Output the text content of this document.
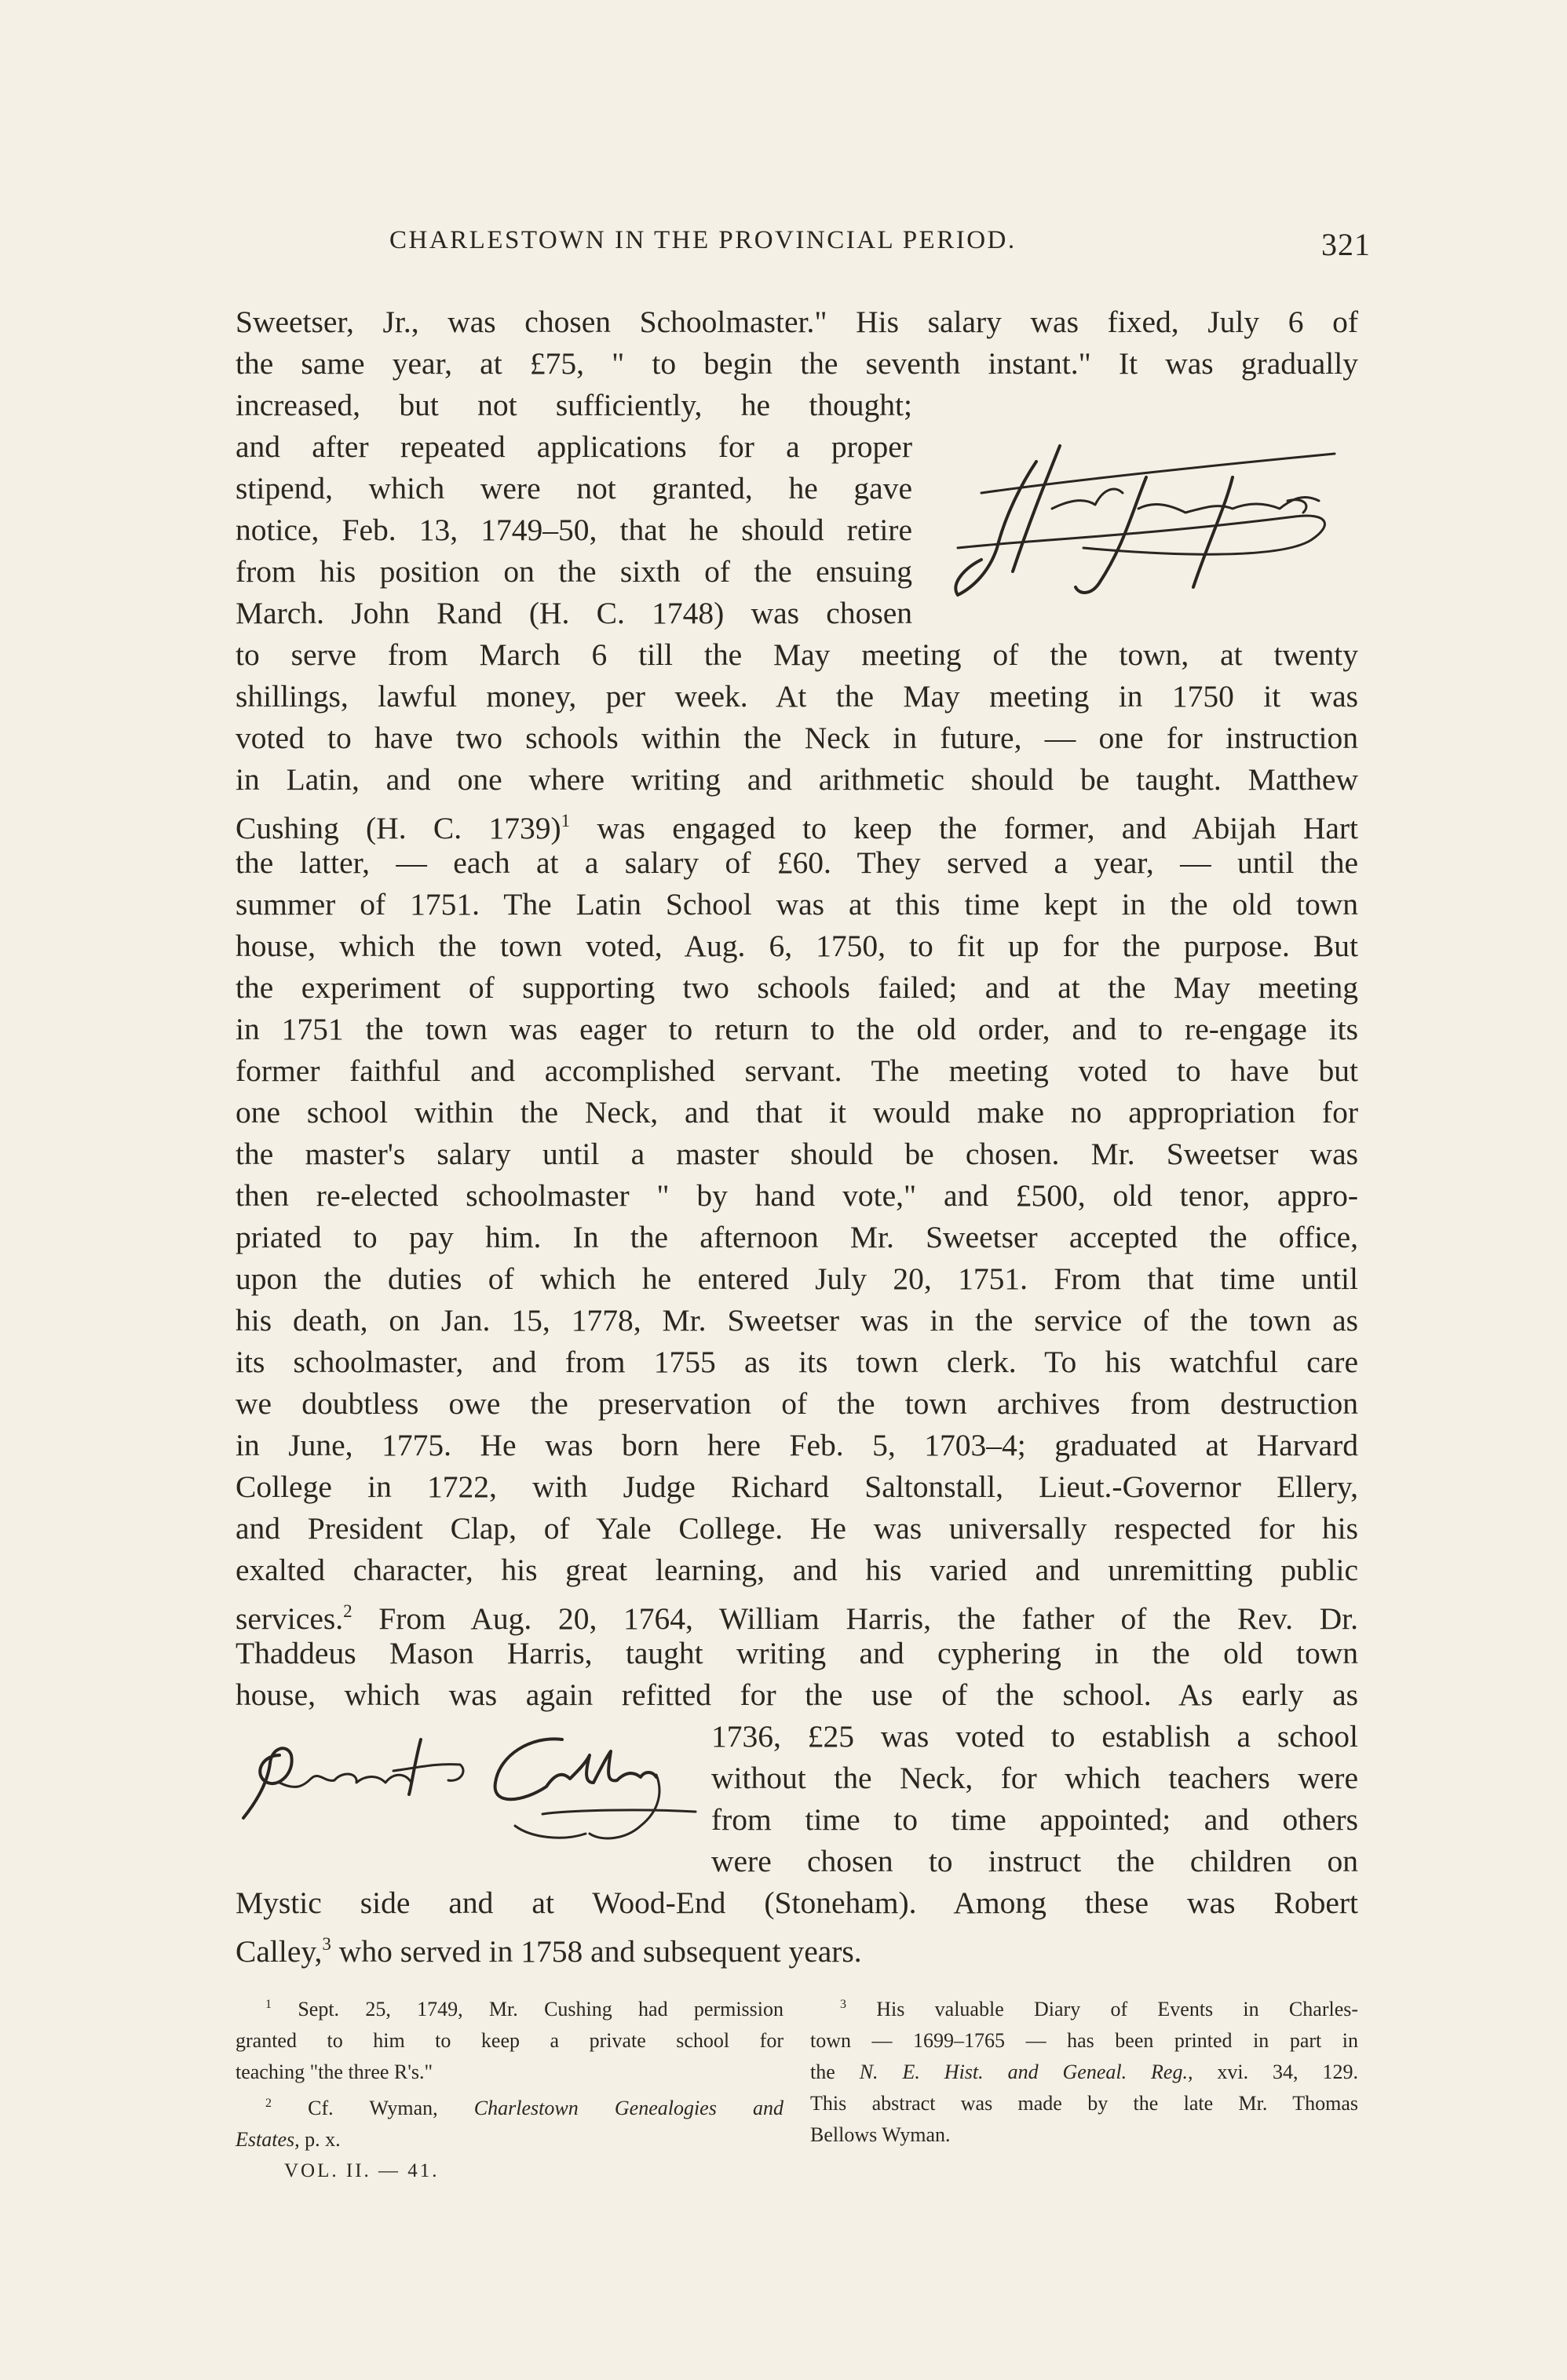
CHARLESTOWN IN THE PROVINCIAL PERIOD.	321
Sweetser, Jr., was chosen Schoolmaster." His salary was fixed, July 6 of
the same year, at £75, " to begin the seventh instant." It was gradually
increased, but not sufficiently, he thought;
and after repeated applications for a proper
stipend, which were not granted, he gave
notice, Feb. 13, 1749–50, that he should retire
from his position on the sixth of the ensuing
March. John Rand (H. C. 1748) was chosen
to serve from March 6 till the May meeting of the town, at twenty
shillings, lawful money, per week. At the May meeting in 1750 it was
voted to have two schools within the Neck in future, — one for instruction
in Latin, and one where writing and arithmetic should be taught. Matthew
Cushing (H. C. 1739)$^1$ was engaged to keep the former, and Abijah Hart
the latter, — each at a salary of £60. They served a year, — until the
summer of 1751. The Latin School was at this time kept in the old town
house, which the town voted, Aug. 6, 1750, to fit up for the purpose. But
the experiment of supporting two schools failed; and at the May meeting
in 1751 the town was eager to return to the old order, and to re-engage its
former faithful and accomplished servant. The meeting voted to have but
one school within the Neck, and that it would make no appropriation for
the master's salary until a master should be chosen. Mr. Sweetser was
then re-elected schoolmaster " by hand vote," and £500, old tenor, appro-
priated to pay him. In the afternoon Mr. Sweetser accepted the office,
upon the duties of which he entered July 20, 1751. From that time until
his death, on Jan. 15, 1778, Mr. Sweetser was in the service of the town as
its schoolmaster, and from 1755 as its town clerk. To his watchful care
we doubtless owe the preservation of the town archives from destruction
in June, 1775. He was born here Feb. 5, 1703–4; graduated at Harvard
College in 1722, with Judge Richard Saltonstall, Lieut.-Governor Ellery,
and President Clap, of Yale College. He was universally respected for his
exalted character, his great learning, and his varied and unremitting public
services.$^2$ From Aug. 20, 1764, William Harris, the father of the Rev. Dr.
Thaddeus Mason Harris, taught writing and cyphering in the old town
house, which was again refitted for the use of the school. As early as
1736, £25 was voted to establish a school
without the Neck, for which teachers were
from time to time appointed; and others
were chosen to instruct the children on
Mystic side and at Wood-End (Stoneham). Among these was Robert
Calley,$^3$ who served in 1758 and subsequent years.
$^1$ Sept. 25, 1749, Mr. Cushing had permission
granted to him to keep a private school for
teaching "the three R's."
$^2$ Cf. Wyman, Charlestown Genealogies and
Estates, p. x.
VOL. II. — 41.
$^3$ His valuable Diary of Events in Charles-
town — 1699–1765 — has been printed in part in
the N. E. Hist. and Geneal. Reg., xvi. 34, 129.
This abstract was made by the late Mr. Thomas
Bellows Wyman.
